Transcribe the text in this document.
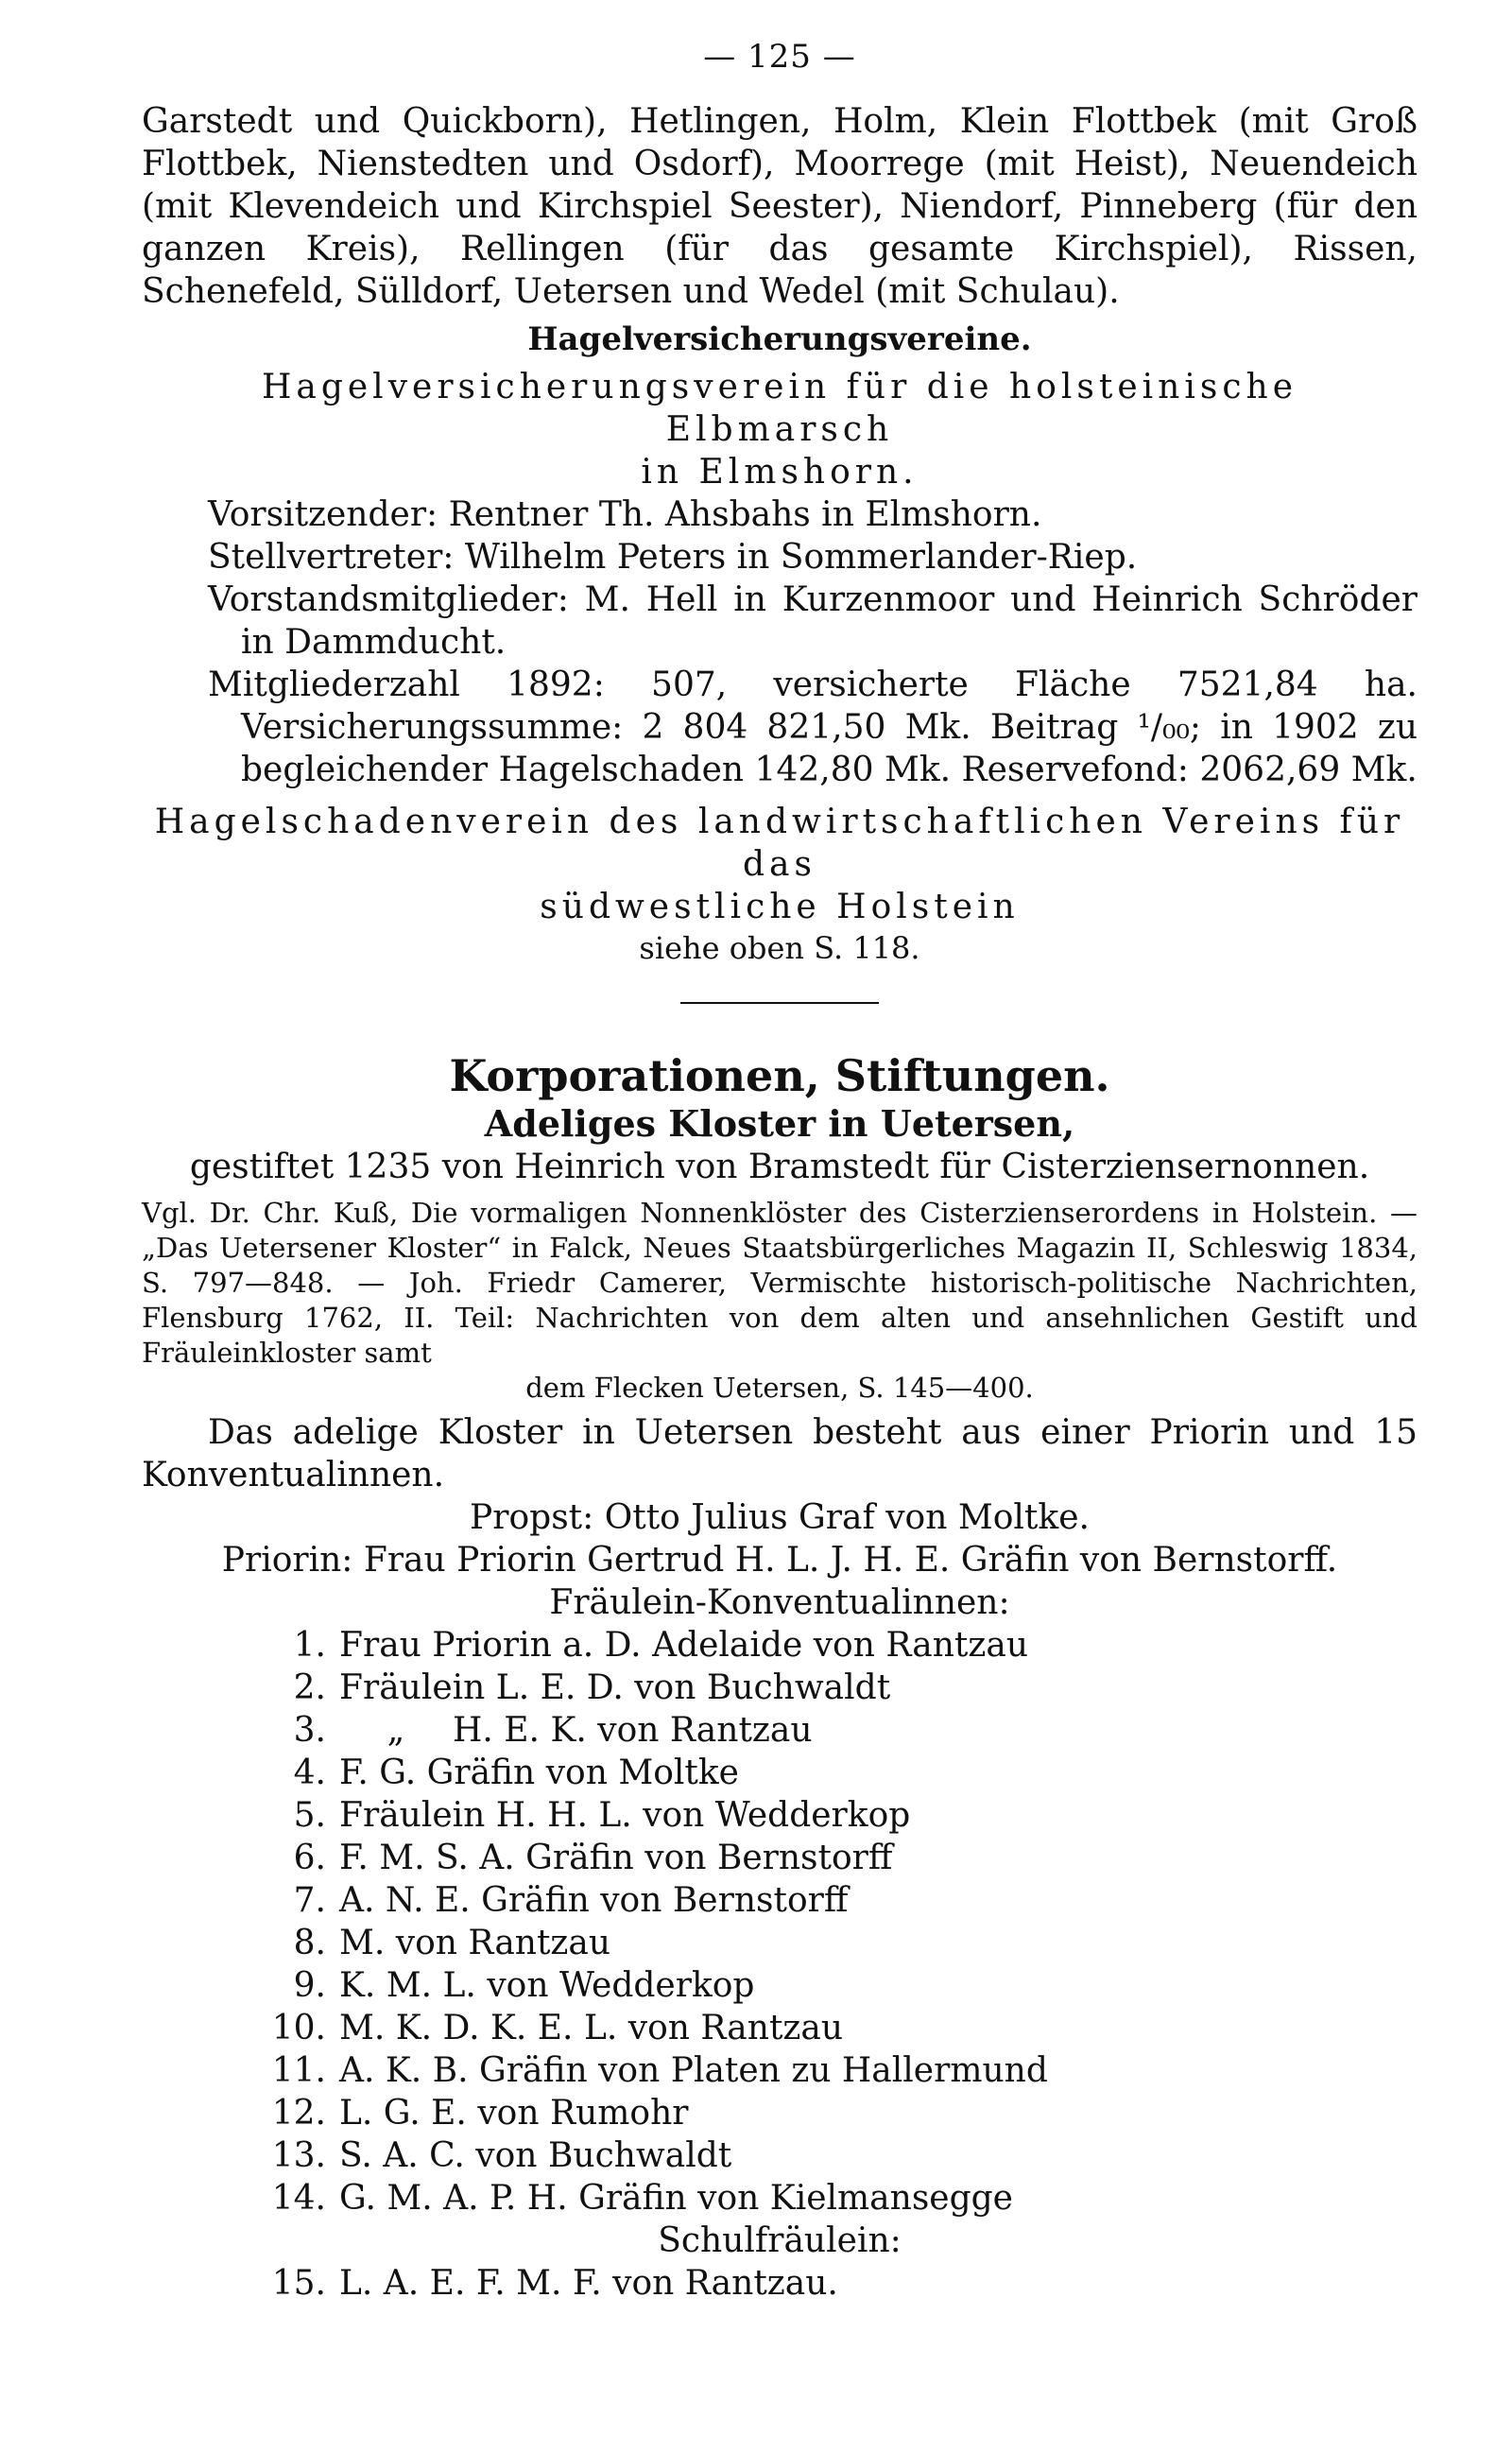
— 125 —

Garstedt und Quickborn), Hetlingen, Holm, Klein Flottbek (mit Groß Flottbek, Nienstedten und Osdorf), Moorrege (mit Heist), Neuendeich (mit Klevendeich und Kirchspiel Seester), Niendorf, Pinneberg (für den ganzen Kreis), Rellingen (für das gesamte Kirchspiel), Rissen, Schenefeld, Sülldorf, Uetersen und Wedel (mit Schulau).

Hagelversicherungsvereine.
Hagelversicherungsverein für die holsteinische Elbmarsch
in Elmshorn.

Vorsitzender: Rentner Th. Ahsbahs in Elmshorn.

Stellvertreter: Wilhelm Peters in Sommerlander-Riep.

Vorstandsmitglieder: M. Hell in Kurzenmoor und Heinrich Schröder in Dammducht.

Mitgliederzahl 1892: 507, versicherte Fläche 7521,84 ha. Versicherungssumme: 2 804 821,50 Mk. Beitrag ¹/₀₀; in 1902 zu begleichender Hagelschaden 142,80 Mk. Reservefond: 2062,69 Mk.

Hagelschadenverein des landwirtschaftlichen Vereins für das
südwestliche Holstein
siehe oben S. 118.
Korporationen, Stiftungen.
Adeliges Kloster in Uetersen,
gestiftet 1235 von Heinrich von Bramstedt für Cisterziensernonnen.

Vgl. Dr. Chr. Kuß, Die vormaligen Nonnenklöster des Cisterzienserordens in Holstein. — „Das Uetersener Kloster“ in Falck, Neues Staatsbürgerliches Magazin II, Schleswig 1834, S. 797—848. — Joh. Friedr Camerer, Vermischte historisch-politische Nachrichten, Flensburg 1762, II. Teil: Nachrichten von dem alten und ansehnlichen Gestift und Fräuleinkloster samt

dem Flecken Uetersen, S. 145—400.

Das adelige Kloster in Uetersen besteht aus einer Priorin und 15 Konventualinnen.

Propst: Otto Julius Graf von Moltke.
Priorin: Frau Priorin Gertrud H. L. J. H. E. Gräfin von Bernstorff.
Fräulein-Konventualinnen:
1. Frau Priorin a. D. Adelaide von Rantzau
2. Fräulein L. E. D. von Buchwaldt
3.	„	H. E. K. von Rantzau
4. F. G. Gräfin von Moltke
5. Fräulein H. H. L. von Wedderkop
6. F. M. S. A. Gräfin von Bernstorff
7. A. N. E. Gräfin von Bernstorff
8. M. von Rantzau
9. K. M. L. von Wedderkop
10. M. K. D. K. E. L. von Rantzau
11. A. K. B. Gräfin von Platen zu Hallermund
12. L. G. E. von Rumohr
13. S. A. C. von Buchwaldt
14. G. M. A. P. H. Gräfin von Kielmansegge
Schulfräulein:
15. L. A. E. F. M. F. von Rantzau.
